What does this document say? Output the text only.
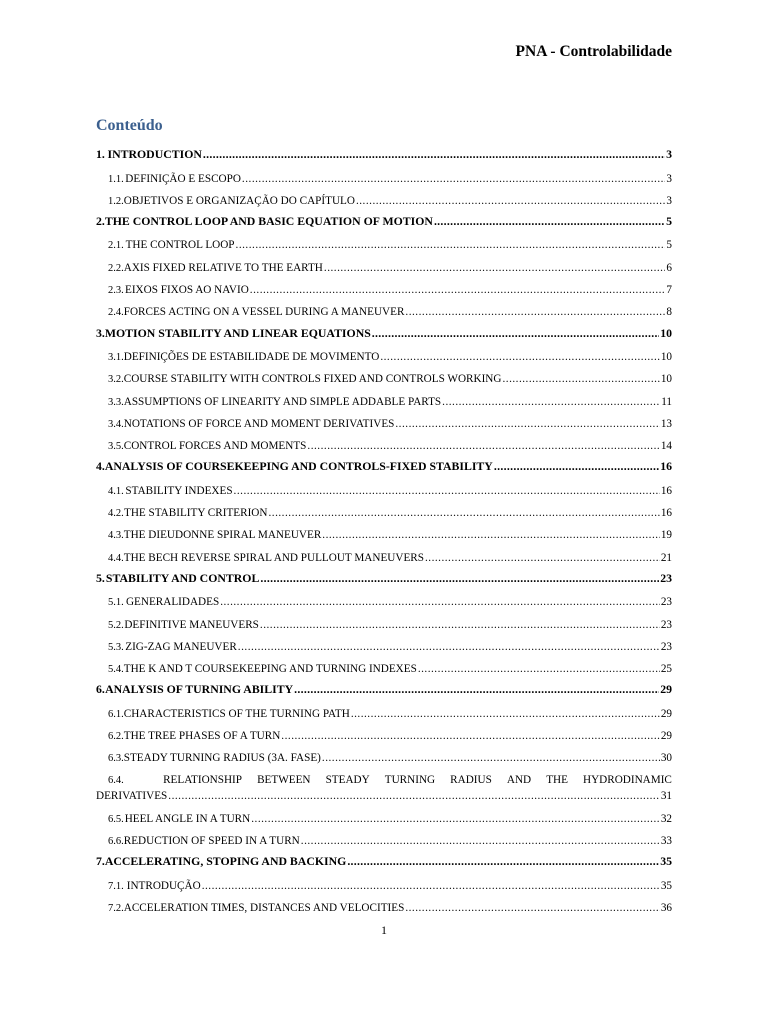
PNA - Controlabilidade
Conteúdo
1. INTRODUCTION .....	3
1.1. DEFINIÇÃO E ESCOPO .....	3
1.2. OBJETIVOS E ORGANIZAÇÃO DO CAPÍTULO .....	3
2. THE CONTROL LOOP AND BASIC EQUATION OF MOTION .....	5
2.1. THE CONTROL LOOP .....	5
2.2. AXIS FIXED RELATIVE TO THE EARTH .....	6
2.3. EIXOS FIXOS AO NAVIO .....	7
2.4. FORCES ACTING ON A VESSEL DURING A MANEUVER .....	8
3. MOTION STABILITY AND LINEAR EQUATIONS .....	10
3.1. DEFINIÇÕES DE ESTABILIDADE DE MOVIMENTO .....	10
3.2. COURSE STABILITY WITH CONTROLS FIXED AND CONTROLS WORKING .....	10
3.3. ASSUMPTIONS OF LINEARITY AND SIMPLE ADDABLE PARTS .....	11
3.4. NOTATIONS OF FORCE AND MOMENT DERIVATIVES .....	13
3.5. CONTROL FORCES AND MOMENTS .....	14
4. ANALYSIS OF COURSEKEEPING AND CONTROLS-FIXED STABILITY .....	16
4.1. STABILITY INDEXES .....	16
4.2. THE STABILITY CRITERION .....	16
4.3. THE DIEUDONNE SPIRAL MANEUVER .....	19
4.4. THE BECH REVERSE SPIRAL AND PULLOUT MANEUVERS .....	21
5. STABILITY AND CONTROL .....	23
5.1. GENERALIDADES .....	23
5.2. DEFINITIVE MANEUVERS .....	23
5.3. ZIG-ZAG MANEUVER .....	23
5.4. THE K AND T COURSEKEEPING AND TURNING INDEXES .....	25
6. ANALYSIS OF TURNING ABILITY .....	29
6.1. CHARACTERISTICS OF THE TURNING PATH .....	29
6.2. THE TREE PHASES OF A TURN .....	29
6.3. STEADY TURNING RADIUS (3A. FASE) .....	30
6.4.	RELATIONSHIP BETWEEN STEADY TURNING RADIUS AND THE HYDRODINAMIC
DERIVATIVES .....	31
6.5. HEEL ANGLE IN A TURN .....	32
6.6. REDUCTION OF SPEED IN A TURN .....	33
7. ACCELERATING, STOPING AND BACKING .....	35
7.1. INTRODUÇÃO .....	35
7.2. ACCELERATION TIMES, DISTANCES AND VELOCITIES .....	36
1
